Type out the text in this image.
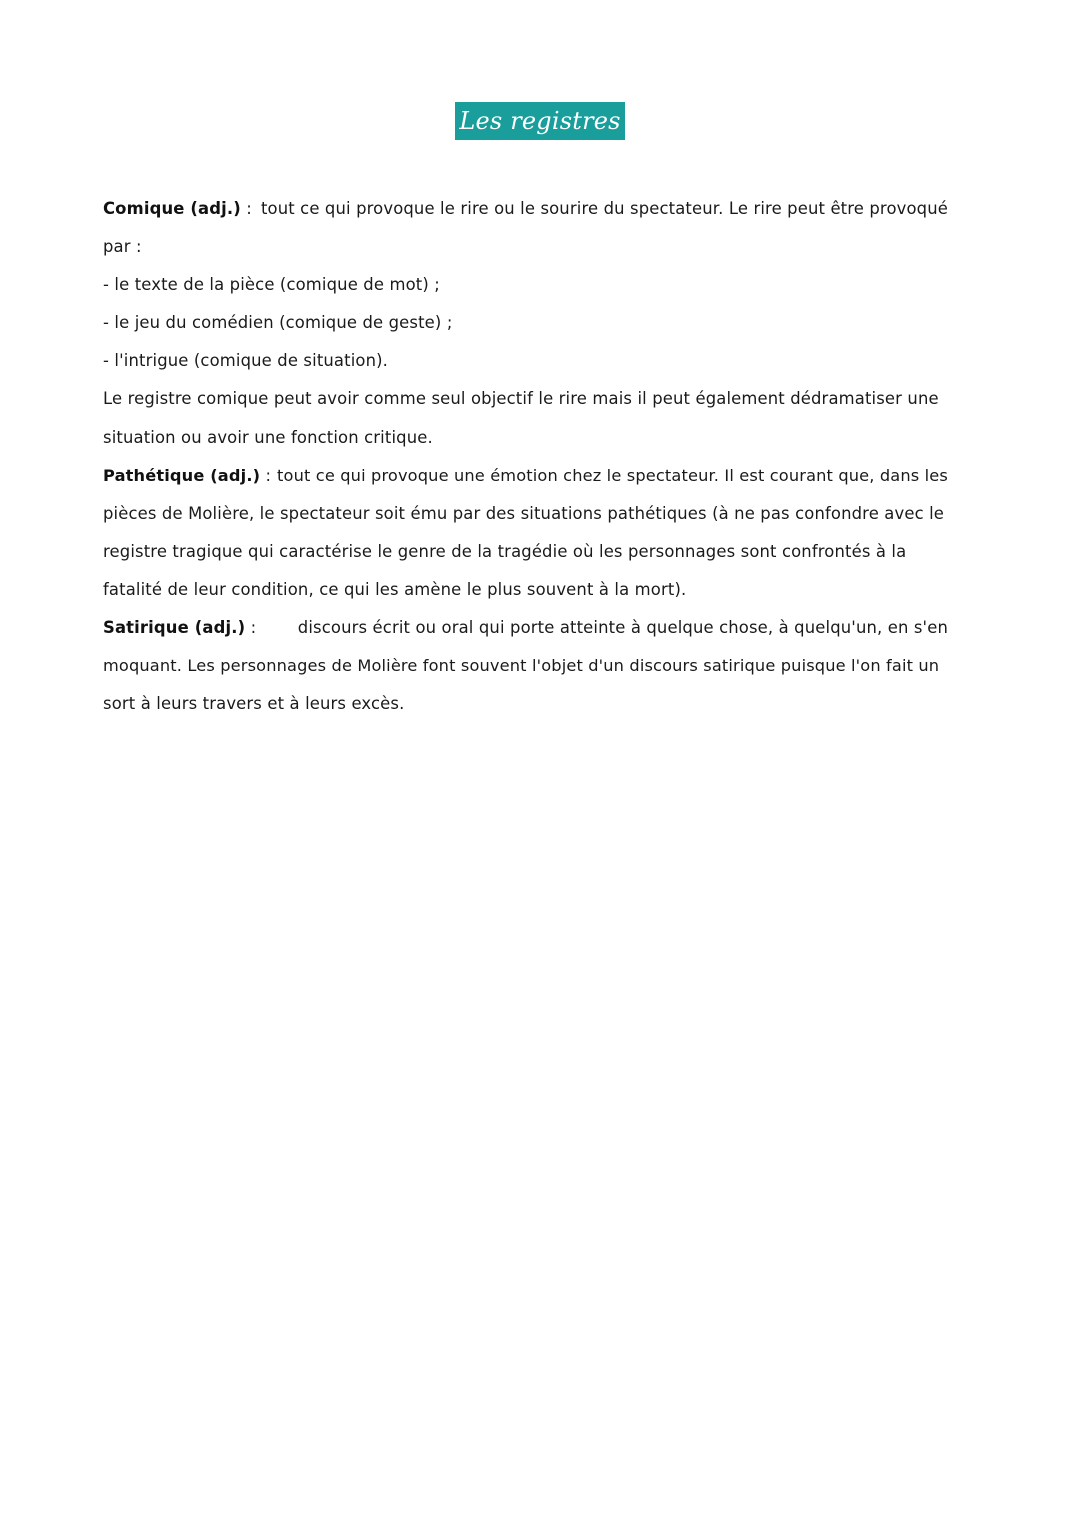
Les registres
Comique (adj.) : tout ce qui provoque le rire ou le sourire du spectateur. Le rire peut être provoqué
par :
- le texte de la pièce (comique de mot) ;
- le jeu du comédien (comique de geste) ;
- l'intrigue (comique de situation).
Le registre comique peut avoir comme seul objectif le rire mais il peut également dédramatiser une
situation ou avoir une fonction critique.
Pathétique (adj.) : tout ce qui provoque une émotion chez le spectateur. Il est courant que, dans les
pièces de Molière, le spectateur soit ému par des situations pathétiques (à ne pas confondre avec le
registre tragique qui caractérise le genre de la tragédie où les personnages sont confrontés à la
fatalité de leur condition, ce qui les amène le plus souvent à la mort).
Satirique (adj.) :	discours écrit ou oral qui porte atteinte à quelque chose, à quelqu'un, en s'en
moquant. Les personnages de Molière font souvent l'objet d'un discours satirique puisque l'on fait un
sort à leurs travers et à leurs excès.
